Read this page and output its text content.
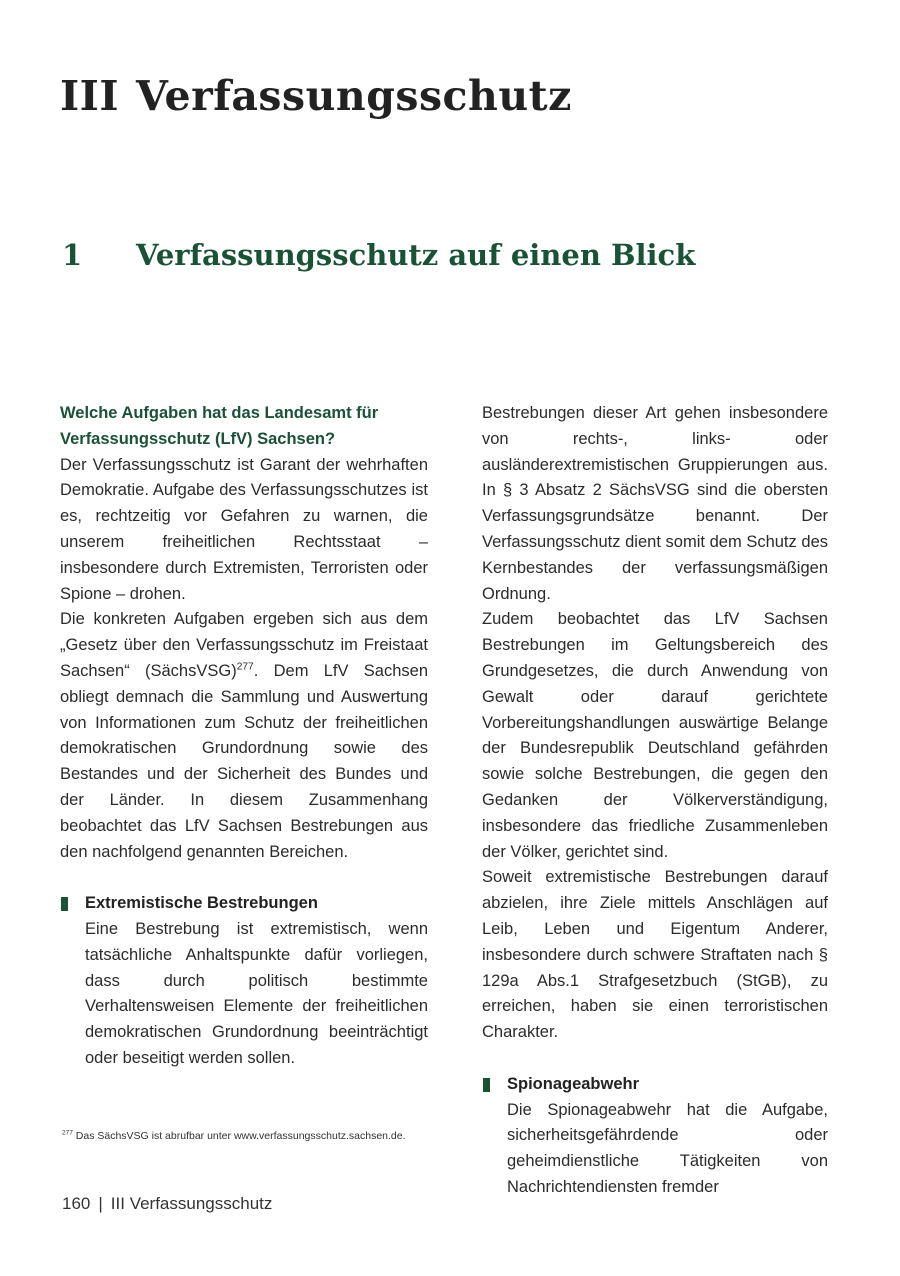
III Verfassungsschutz
1 Verfassungsschutz auf einen Blick

Welche Aufgaben hat das Landesamt für Verfassungsschutz (LfV) Sachsen?

Der Verfassungsschutz ist Garant der wehrhaften Demokratie. Aufgabe des Verfassungsschutzes ist es, rechtzeitig vor Gefahren zu warnen, die unserem freiheitlichen Rechtsstaat – insbesondere durch Extremisten, Terroristen oder Spione – drohen.

Die konkreten Aufgaben ergeben sich aus dem „Gesetz über den Verfassungsschutz im Freistaat Sachsen“ (SächsVSG)$^{277}$. Dem LfV Sachsen obliegt demnach die Sammlung und Auswertung von Informationen zum Schutz der freiheitlichen demokratischen Grundordnung sowie des Bestandes und der Sicherheit des Bundes und der Länder. In diesem Zusammenhang beobachtet das LfV Sachsen Bestrebungen aus den nachfolgend genannten Bereichen.

Extremistische Bestrebungen

Eine Bestrebung ist extremistisch, wenn tatsächliche Anhaltspunkte dafür vorliegen, dass durch politisch bestimmte Verhaltensweisen Elemente der freiheitlichen demokratischen Grundordnung beeinträchtigt oder beseitigt werden sollen.

Bestrebungen dieser Art gehen insbesondere von rechts-, links- oder ausländerextremistischen Gruppierungen aus. In § 3 Absatz 2 SächsVSG sind die obersten Verfassungsgrundsätze benannt. Der Verfassungsschutz dient somit dem Schutz des Kernbestandes der verfassungsmäßigen Ordnung.

Zudem beobachtet das LfV Sachsen Bestrebungen im Geltungsbereich des Grundgesetzes, die durch Anwendung von Gewalt oder darauf gerichtete Vorbereitungshandlungen auswärtige Belange der Bundesrepublik Deutschland gefährden sowie solche Bestrebungen, die gegen den Gedanken der Völkerverständigung, insbesondere das friedliche Zusammenleben der Völker, gerichtet sind.

Soweit extremistische Bestrebungen darauf abzielen, ihre Ziele mittels Anschlägen auf Leib, Leben und Eigentum Anderer, insbesondere durch schwere Straftaten nach § 129a Abs.1 Strafgesetzbuch (StGB), zu erreichen, haben sie einen terroristischen Charakter.

Spionageabwehr

Die Spionageabwehr hat die Aufgabe, sicherheitsgefährdende oder geheimdienstliche Tätigkeiten von Nachrichtendiensten fremder

$^{277}$ Das SächsVSG ist abrufbar unter www.verfassungsschutz.sachsen.de.
160 | III Verfassungsschutz
